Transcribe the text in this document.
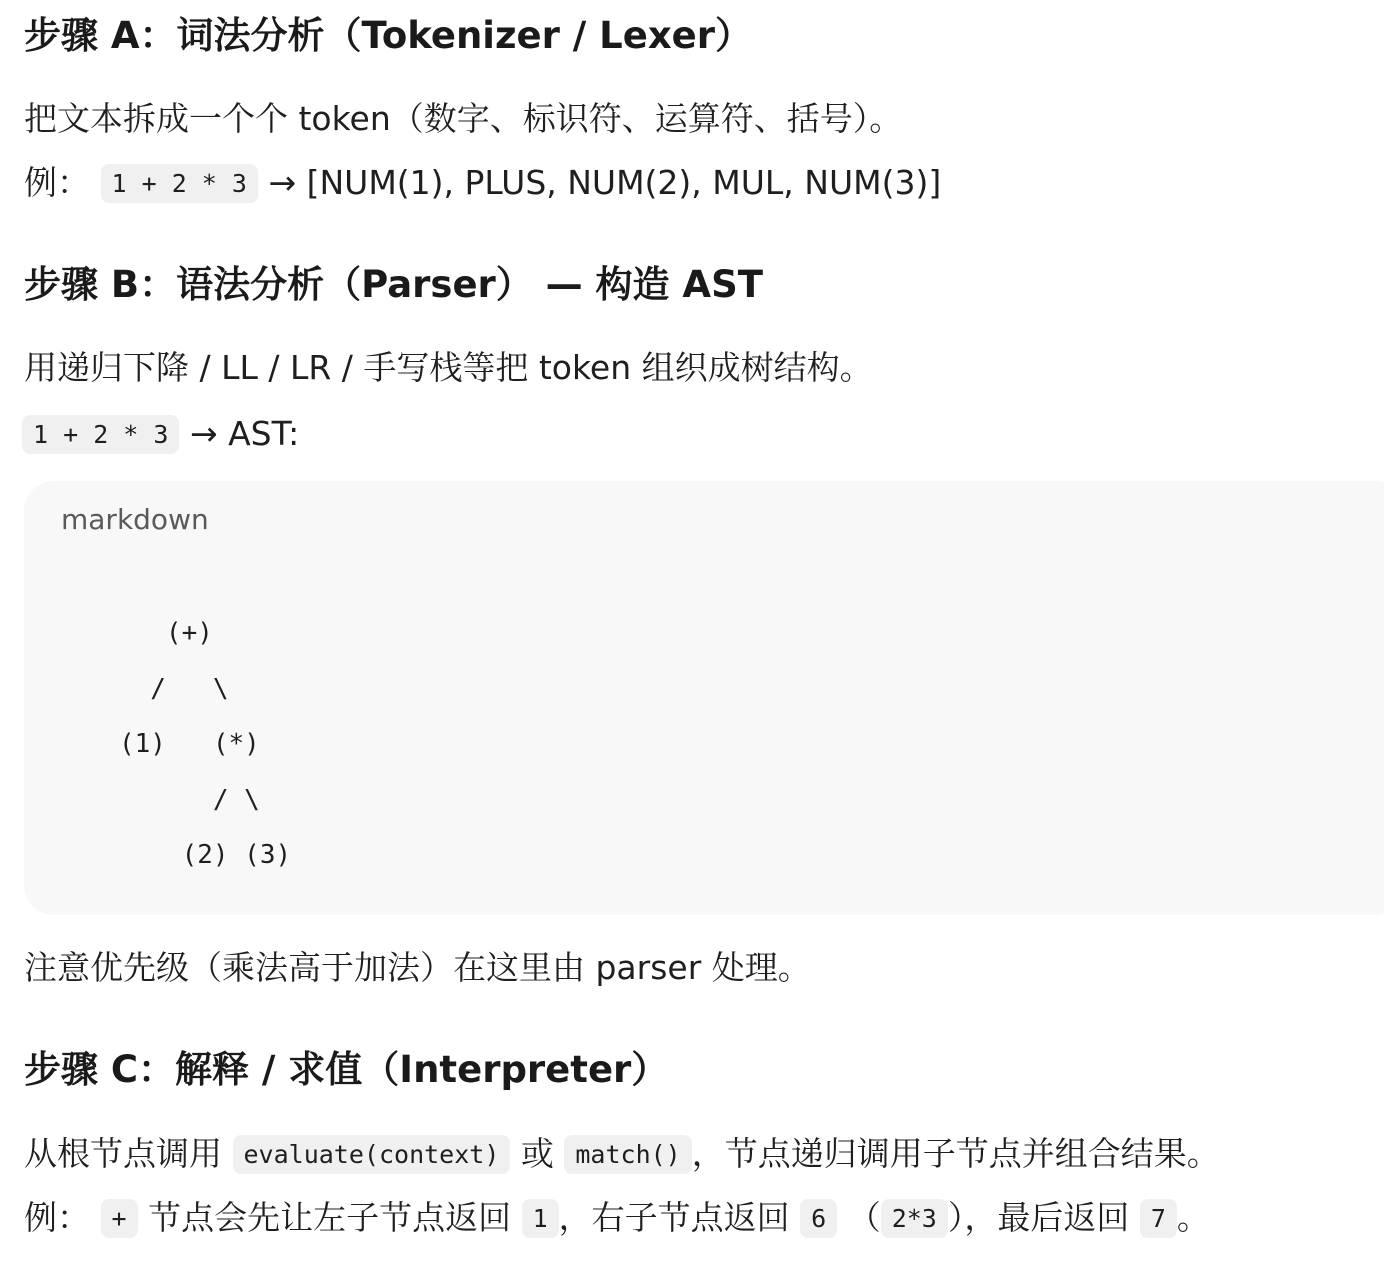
步骤 A：词法分析（Tokenizer / Lexer）

把文本拆成一个个 token（数字、标识符、运算符、括号）。

例： 1 + 2 * 3 → [NUM(1), PLUS, NUM(2), MUL, NUM(3)]

步骤 B：语法分析（Parser） — 构造 AST

用递归下降 / LL / LR / 手写栈等把 token 组织成树结构。

1 + 2 * 3 → AST:

markdown
(+)
/   \
(1)   (*)
/ \
(2) (3)

注意优先级（乘法高于加法）在这里由 parser 处理。

步骤 C：解释 / 求值（Interpreter）

从根节点调用 evaluate(context) 或 match() ，节点递归调用子节点并组合结果。

例： + 节点会先让左子节点返回 1 ，右子节点返回 6 （ 2*3 ），最后返回 7 。
